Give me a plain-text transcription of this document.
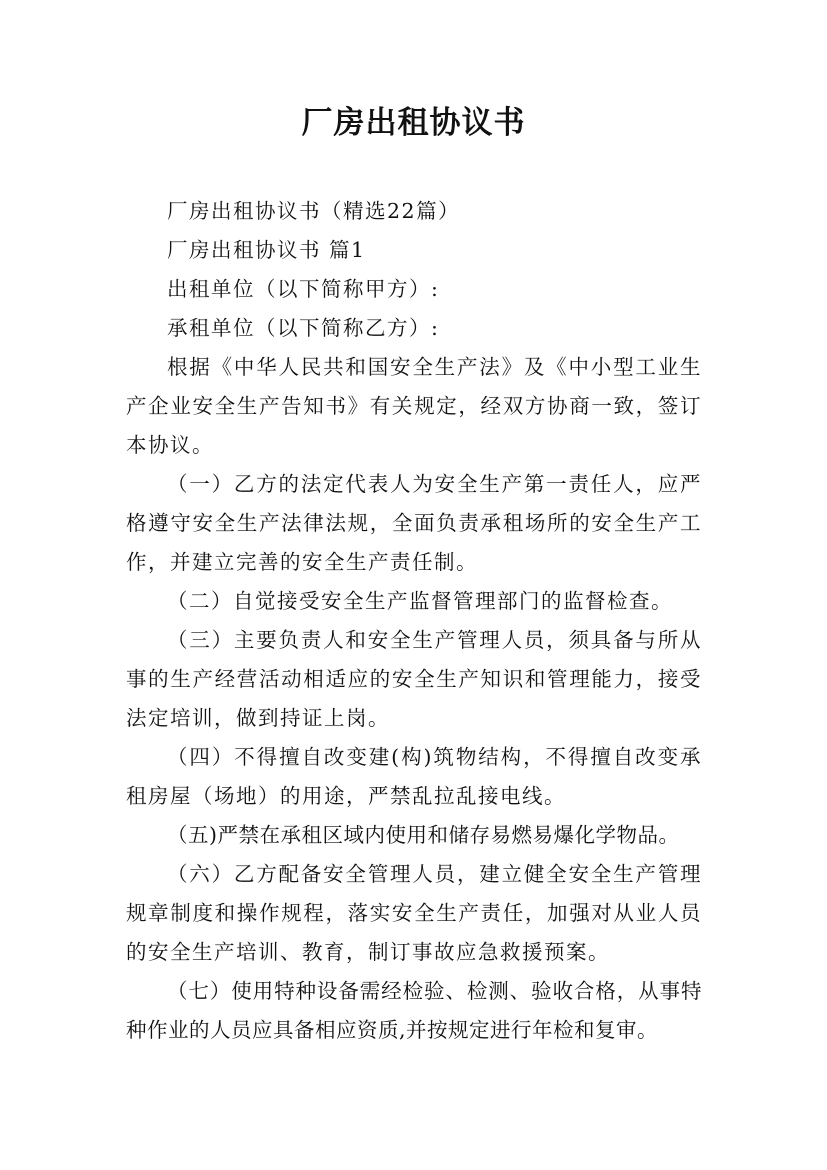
厂房出租协议书

厂房出租协议书（精选22篇）

厂房出租协议书 篇1

出租单位（以下简称甲方）:

承租单位（以下简称乙方）:

根据《中华人民共和国安全生产法》及《中小型工业生产企业安全生产告知书》有关规定，经双方协商一致，签订本协议。

（一）乙方的法定代表人为安全生产第一责任人，应严格遵守安全生产法律法规，全面负责承租场所的安全生产工作，并建立完善的安全生产责任制。

（二）自觉接受安全生产监督管理部门的监督检查。

（三）主要负责人和安全生产管理人员，须具备与所从事的生产经营活动相适应的安全生产知识和管理能力，接受法定培训，做到持证上岗。

（四）不得擅自改变建(构)筑物结构，不得擅自改变承租房屋（场地）的用途，严禁乱拉乱接电线。

（五)严禁在承租区域内使用和储存易燃易爆化学物品。

（六）乙方配备安全管理人员，建立健全安全生产管理规章制度和操作规程，落实安全生产责任，加强对从业人员的安全生产培训、教育，制订事故应急救援预案。

（七）使用特种设备需经检验、检测、验收合格，从事特种作业的人员应具备相应资质,并按规定进行年检和复审。
